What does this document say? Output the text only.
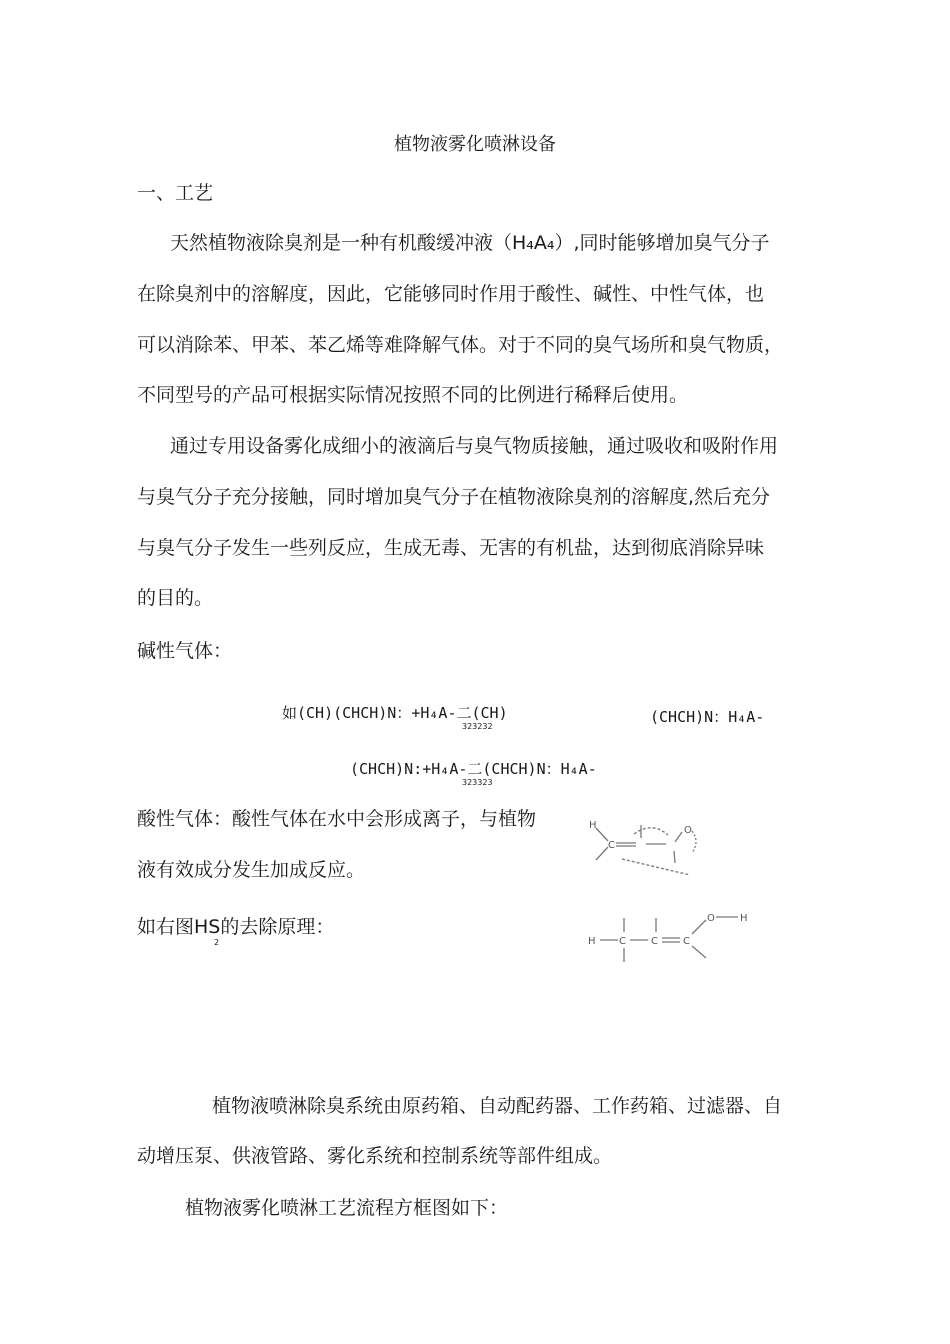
植物液雾化喷淋设备
一、工艺
天然植物液除臭剂是一种有机酸缓冲液（H₄A₄）,同时能够增加臭气分子
在除臭剂中的溶解度，因此，它能够同时作用于酸性、碱性、中性气体，也
可以消除苯、甲苯、苯乙烯等难降解气体。对于不同的臭气场所和臭气物质，
不同型号的产品可根据实际情况按照不同的比例进行稀释后使用。
通过专用设备雾化成细小的液滴后与臭气物质接触，通过吸收和吸附作用
与臭气分子充分接触，同时增加臭气分子在植物液除臭剂的溶解度,然后充分
与臭气分子发生一些列反应，生成无毒、无害的有机盐，达到彻底消除异味
的目的。
碱性气体：
如(CH)(CHCH)N：+H₄A-二(CH)
323232
(CHCH)N：H₄A-
(CHCH)N:+H₄A-二(CHCH)N：H₄A-
323323
酸性气体：酸性气体在水中会形成离子，与植物
液有效成分发生加成反应。
如右图HS的去除原理：
2
H
C
O
H C	C	C
O	H
植物液喷淋除臭系统由原药箱、自动配药器、工作药箱、过滤器、自
动增压泵、供液管路、雾化系统和控制系统等部件组成。
植物液雾化喷淋工艺流程方框图如下：
